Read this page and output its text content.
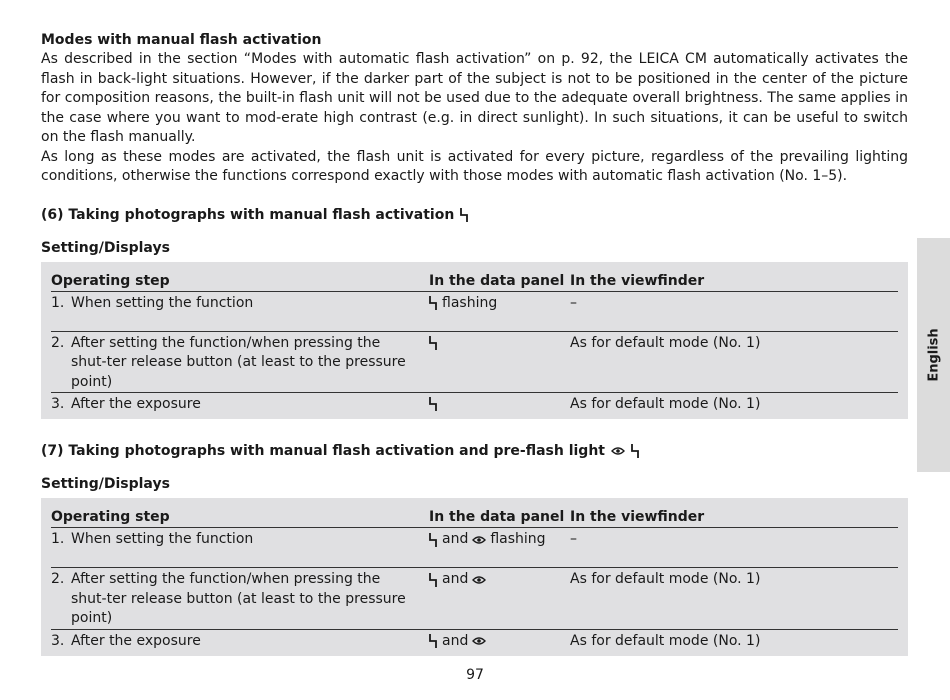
Modes with manual flash activation

As described in the section “Modes with automatic flash activation” on p. 92, the LEICA CM automatically activates the flash in back-light situations. However, if the darker part of the subject is not to be positioned in the center of the picture for composition reasons, the built-in flash unit will not be used due to the adequate overall brightness. The same applies in the case where you want to mod-erate high contrast (e.g. in direct sunlight). In such situations, it can be useful to switch on the flash manually.

As long as these modes are activated, the flash unit is activated for every picture, regardless of the prevailing lighting conditions, otherwise the functions correspond exactly with those modes with automatic flash activation (No. 1–5).

(6) Taking photographs with manual flash activation

Setting/Displays

Operating step	In the data panel	In the viewfinder

1. When setting the function	flashing	–

2. After setting the function/when pressing the shut-ter release button (at least to the pressure point)		As for default mode (No. 1)

3. After the exposure		As for default mode (No. 1)
(7) Taking photographs with manual flash activation and pre-flash light

Setting/Displays

Operating step	In the data panel	In the viewfinder

1. When setting the function	and flashing	–

2. After setting the function/when pressing the shut-ter release button (at least to the pressure point)	and	As for default mode (No. 1)

3. After the exposure	and	As for default mode (No. 1)
English
97
